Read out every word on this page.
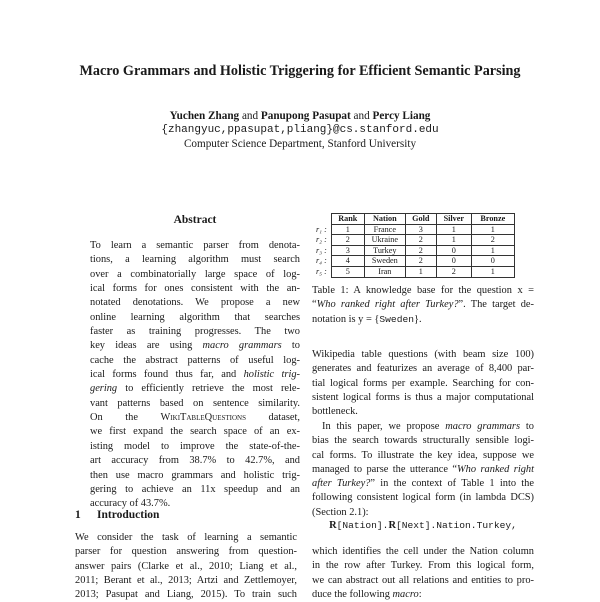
Macro Grammars and Holistic Triggering for Efficient Semantic Parsing
Yuchen Zhang and Panupong Pasupat and Percy Liang
{zhangyuc,ppasupat,pliang}@cs.stanford.edu
Computer Science Department, Stanford University
Abstract
To learn a semantic parser from denota-
tions, a learning algorithm must search
over a combinatorially large space of log-
ical forms for ones consistent with the an-
notated denotations. We propose a new
online learning algorithm that searches
faster as training progresses. The two
key ideas are using macro grammars to
cache the abstract patterns of useful log-
ical forms found thus far, and holistic trig-
gering to efficiently retrieve the most rele-
vant patterns based on sentence similarity.
On the WikiTableQuestions dataset,
we first expand the search space of an ex-
isting model to improve the state-of-the-
art accuracy from 38.7% to 42.7%, and
then use macro grammars and holistic trig-
gering to achieve an 11x speedup and an
accuracy of 43.7%.
1 Introduction
We consider the task of learning a semantic
parser for question answering from question-
answer pairs (Clarke et al., 2010; Liang et al.,
2011; Berant et al., 2013; Artzi and Zettlemoyer,
2013; Pasupat and Liang, 2015). To train such
	Rank	Nation	Gold	Silver	Bronze
r₁ :	1	France	3	1	1
r₂ :	2	Ukraine	2	1	2
r₃ :	3	Turkey	2	0	1
r₄ :	4	Sweden	2	0	0
r₅ :	5	Iran	1	2	1
Table 1: A knowledge base for the question x =
“Who ranked right after Turkey?”. The target de-
notation is y = {Sweden}.
Wikipedia table questions (with beam size 100)
generates and featurizes an average of 8,400 par-
tial logical forms per example. Searching for con-
sistent logical forms is thus a major computational
bottleneck.
In this paper, we propose macro grammars to
bias the search towards structurally sensible logi-
cal forms. To illustrate the key idea, suppose we
managed to parse the utterance “Who ranked right
after Turkey?” in the context of Table 1 into the
following consistent logical form (in lambda DCS)
(Section 2.1):
R[Nation].R[Next].Nation.Turkey,
which identifies the cell under the Nation column
in the row after Turkey. From this logical form,
we can abstract out all relations and entities to pro-
duce the following macro:
